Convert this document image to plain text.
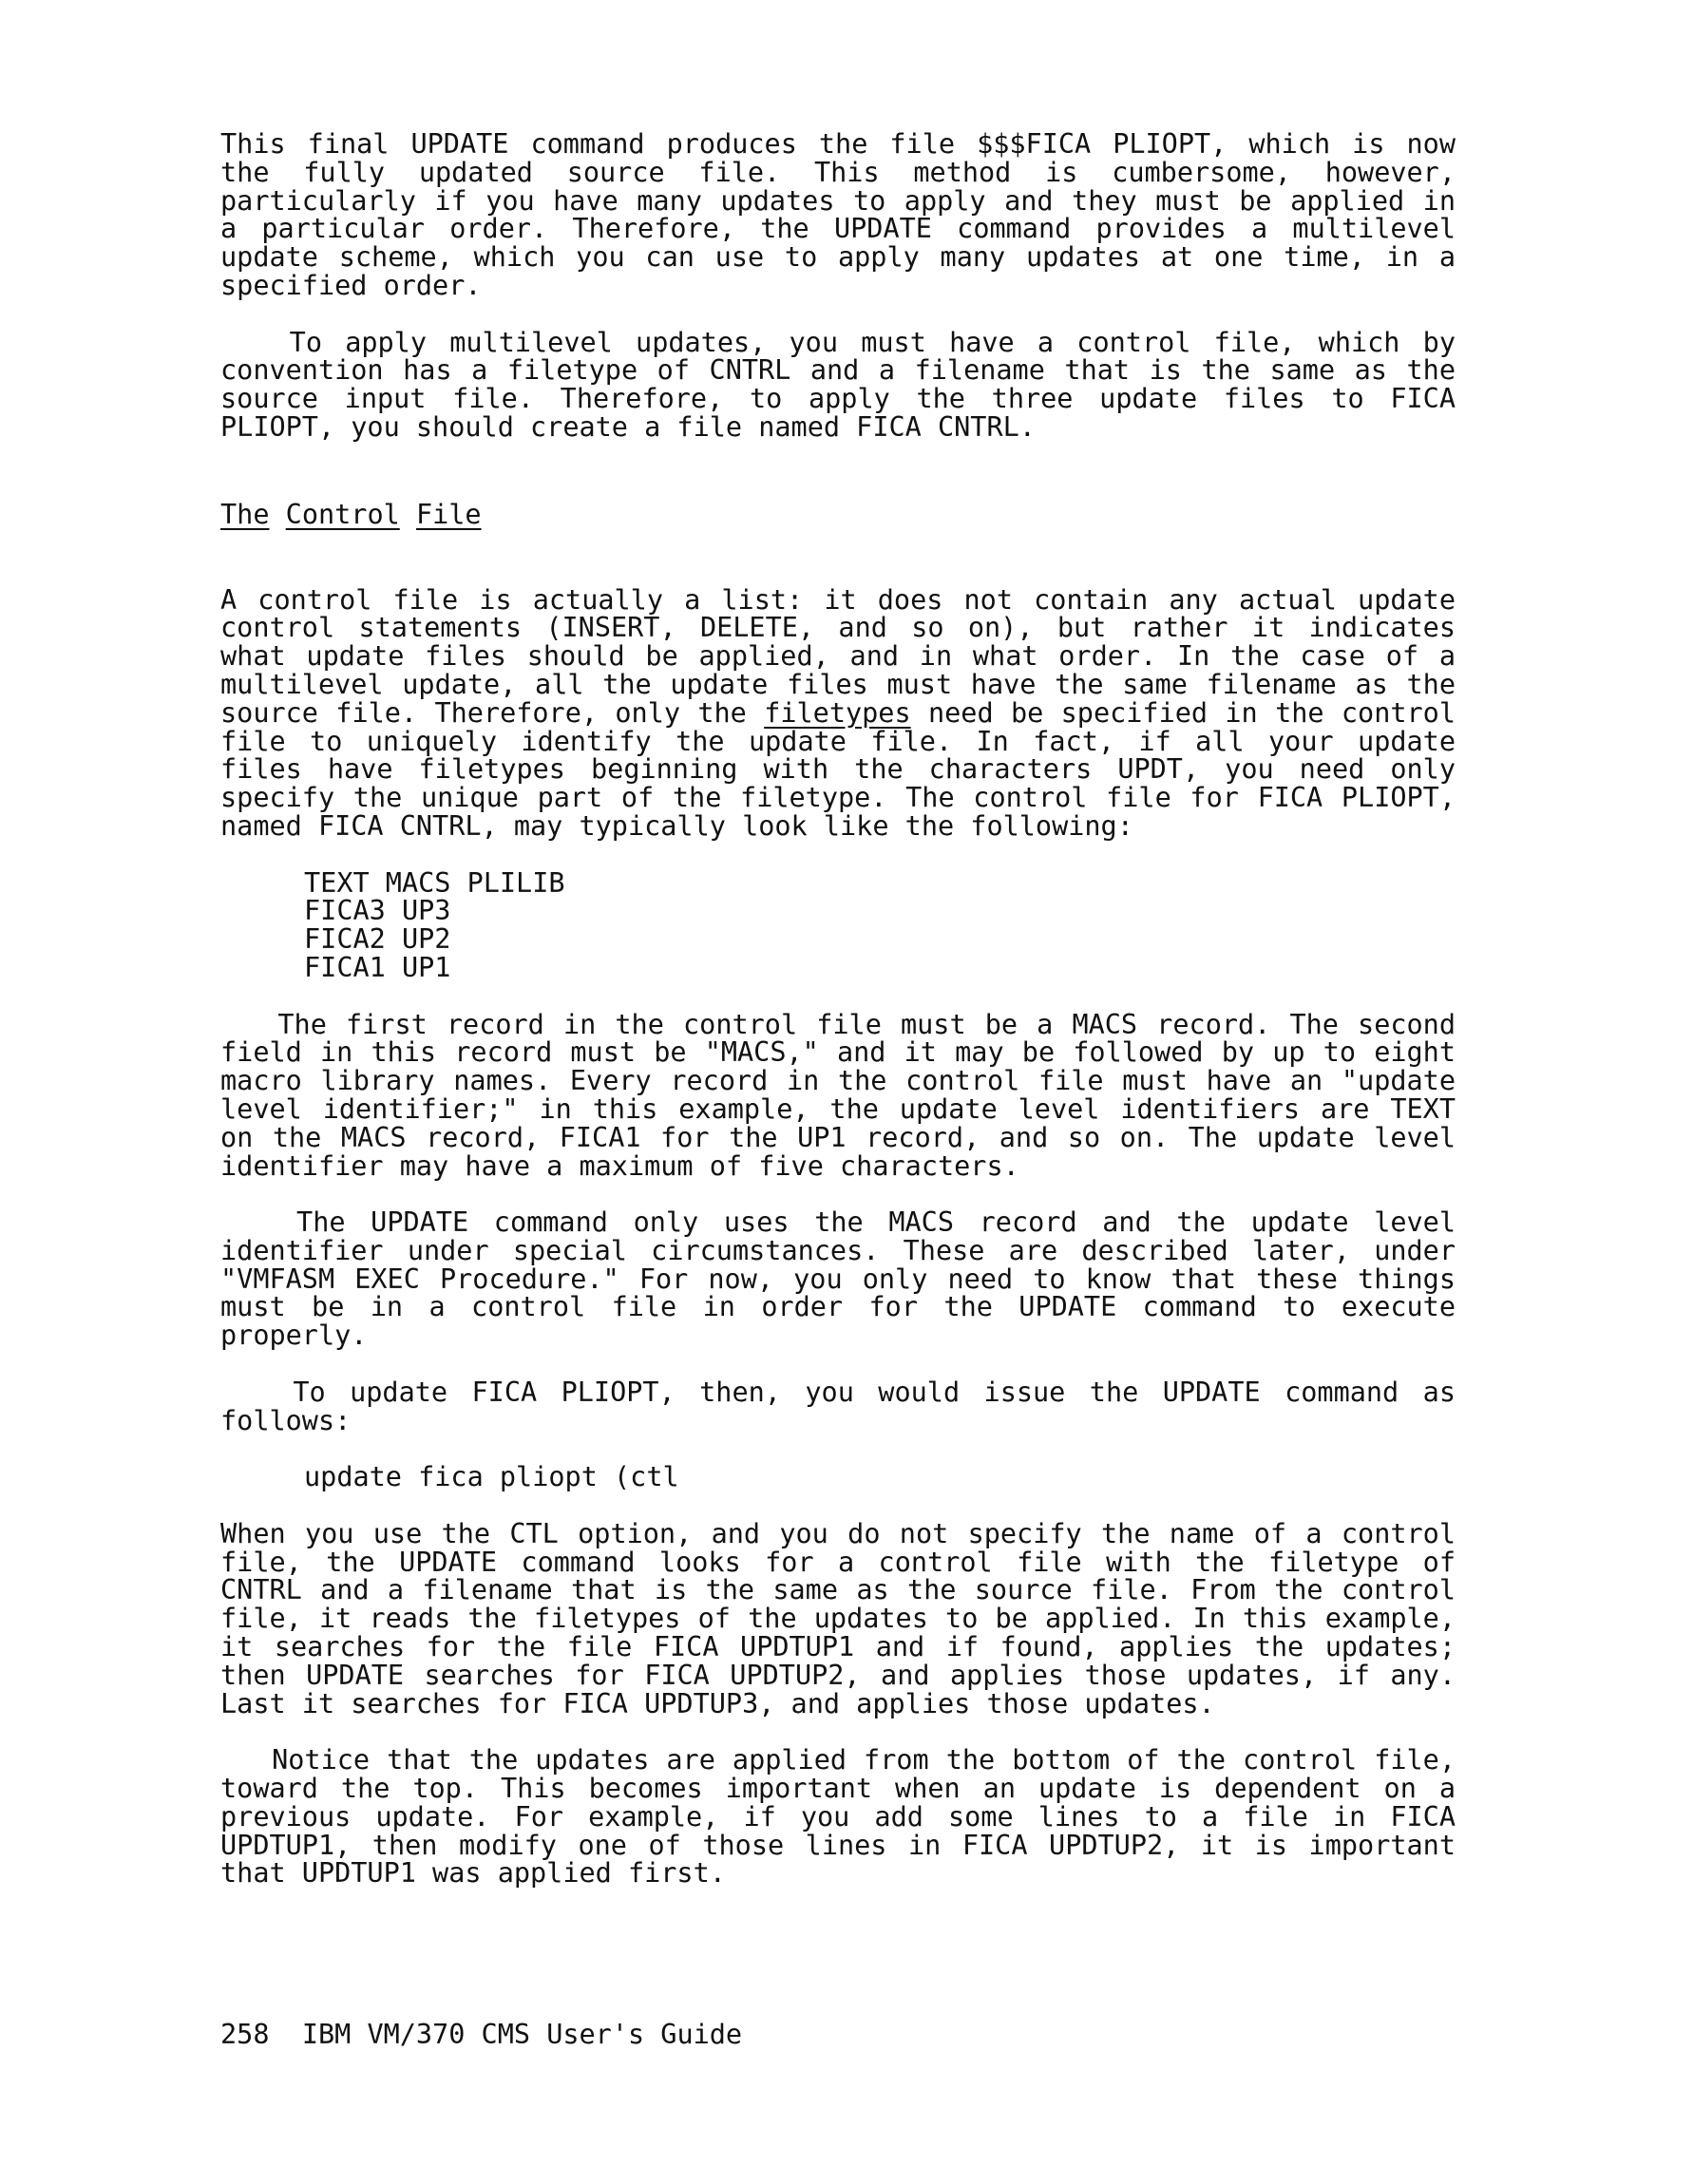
This final UPDATE command produces the file $$$FICA PLIOPT, which is now the fully updated source file. This method is cumbersome, however, particularly if you have many updates to apply and they must be applied in a particular order. Therefore, the UPDATE command provides a multilevel update scheme, which you can use to apply many updates at one time, in a specified order.

To apply multilevel updates, you must have a control file, which by convention has a filetype of CNTRL and a filename that is the same as the source input file. Therefore, to apply the three update files to FICA PLIOPT, you should create a file named FICA CNTRL.

The Control File

A control file is actually a list: it does not contain any actual update control statements (INSERT, DELETE, and so on), but rather it indicates what update files should be applied, and in what order. In the case of a multilevel update, all the update files must have the same filename as the source file. Therefore, only the filetypes need be specified in the control file to uniquely identify the update file. In fact, if all your update files have filetypes beginning with the characters UPDT, you need only specify the unique part of the filetype. The control file for FICA PLIOPT, named FICA CNTRL, may typically look like the following:

TEXT MACS PLILIB
FICA3 UP3
FICA2 UP2
FICA1 UP1

The first record in the control file must be a MACS record. The second field in this record must be "MACS," and it may be followed by up to eight macro library names. Every record in the control file must have an "update level identifier;" in this example, the update level identifiers are TEXT on the MACS record, FICA1 for the UP1 record, and so on. The update level identifier may have a maximum of five characters.

The UPDATE command only uses the MACS record and the update level identifier under special circumstances. These are described later, under "VMFASM EXEC Procedure." For now, you only need to know that these things must be in a control file in order for the UPDATE command to execute properly.

To update FICA PLIOPT, then, you would issue the UPDATE command as follows:

update fica pliopt (ctl

When you use the CTL option, and you do not specify the name of a control file, the UPDATE command looks for a control file with the filetype of CNTRL and a filename that is the same as the source file. From the control file, it reads the filetypes of the updates to be applied. In this example, it searches for the file FICA UPDTUP1 and if found, applies the updates; then UPDATE searches for FICA UPDTUP2, and applies those updates, if any. Last it searches for FICA UPDTUP3, and applies those updates.

Notice that the updates are applied from the bottom of the control file, toward the top. This becomes important when an update is dependent on a previous update. For example, if you add some lines to a file in FICA UPDTUP1, then modify one of those lines in FICA UPDTUP2, it is important that UPDTUP1 was applied first.

258 IBM VM/370 CMS User's Guide
